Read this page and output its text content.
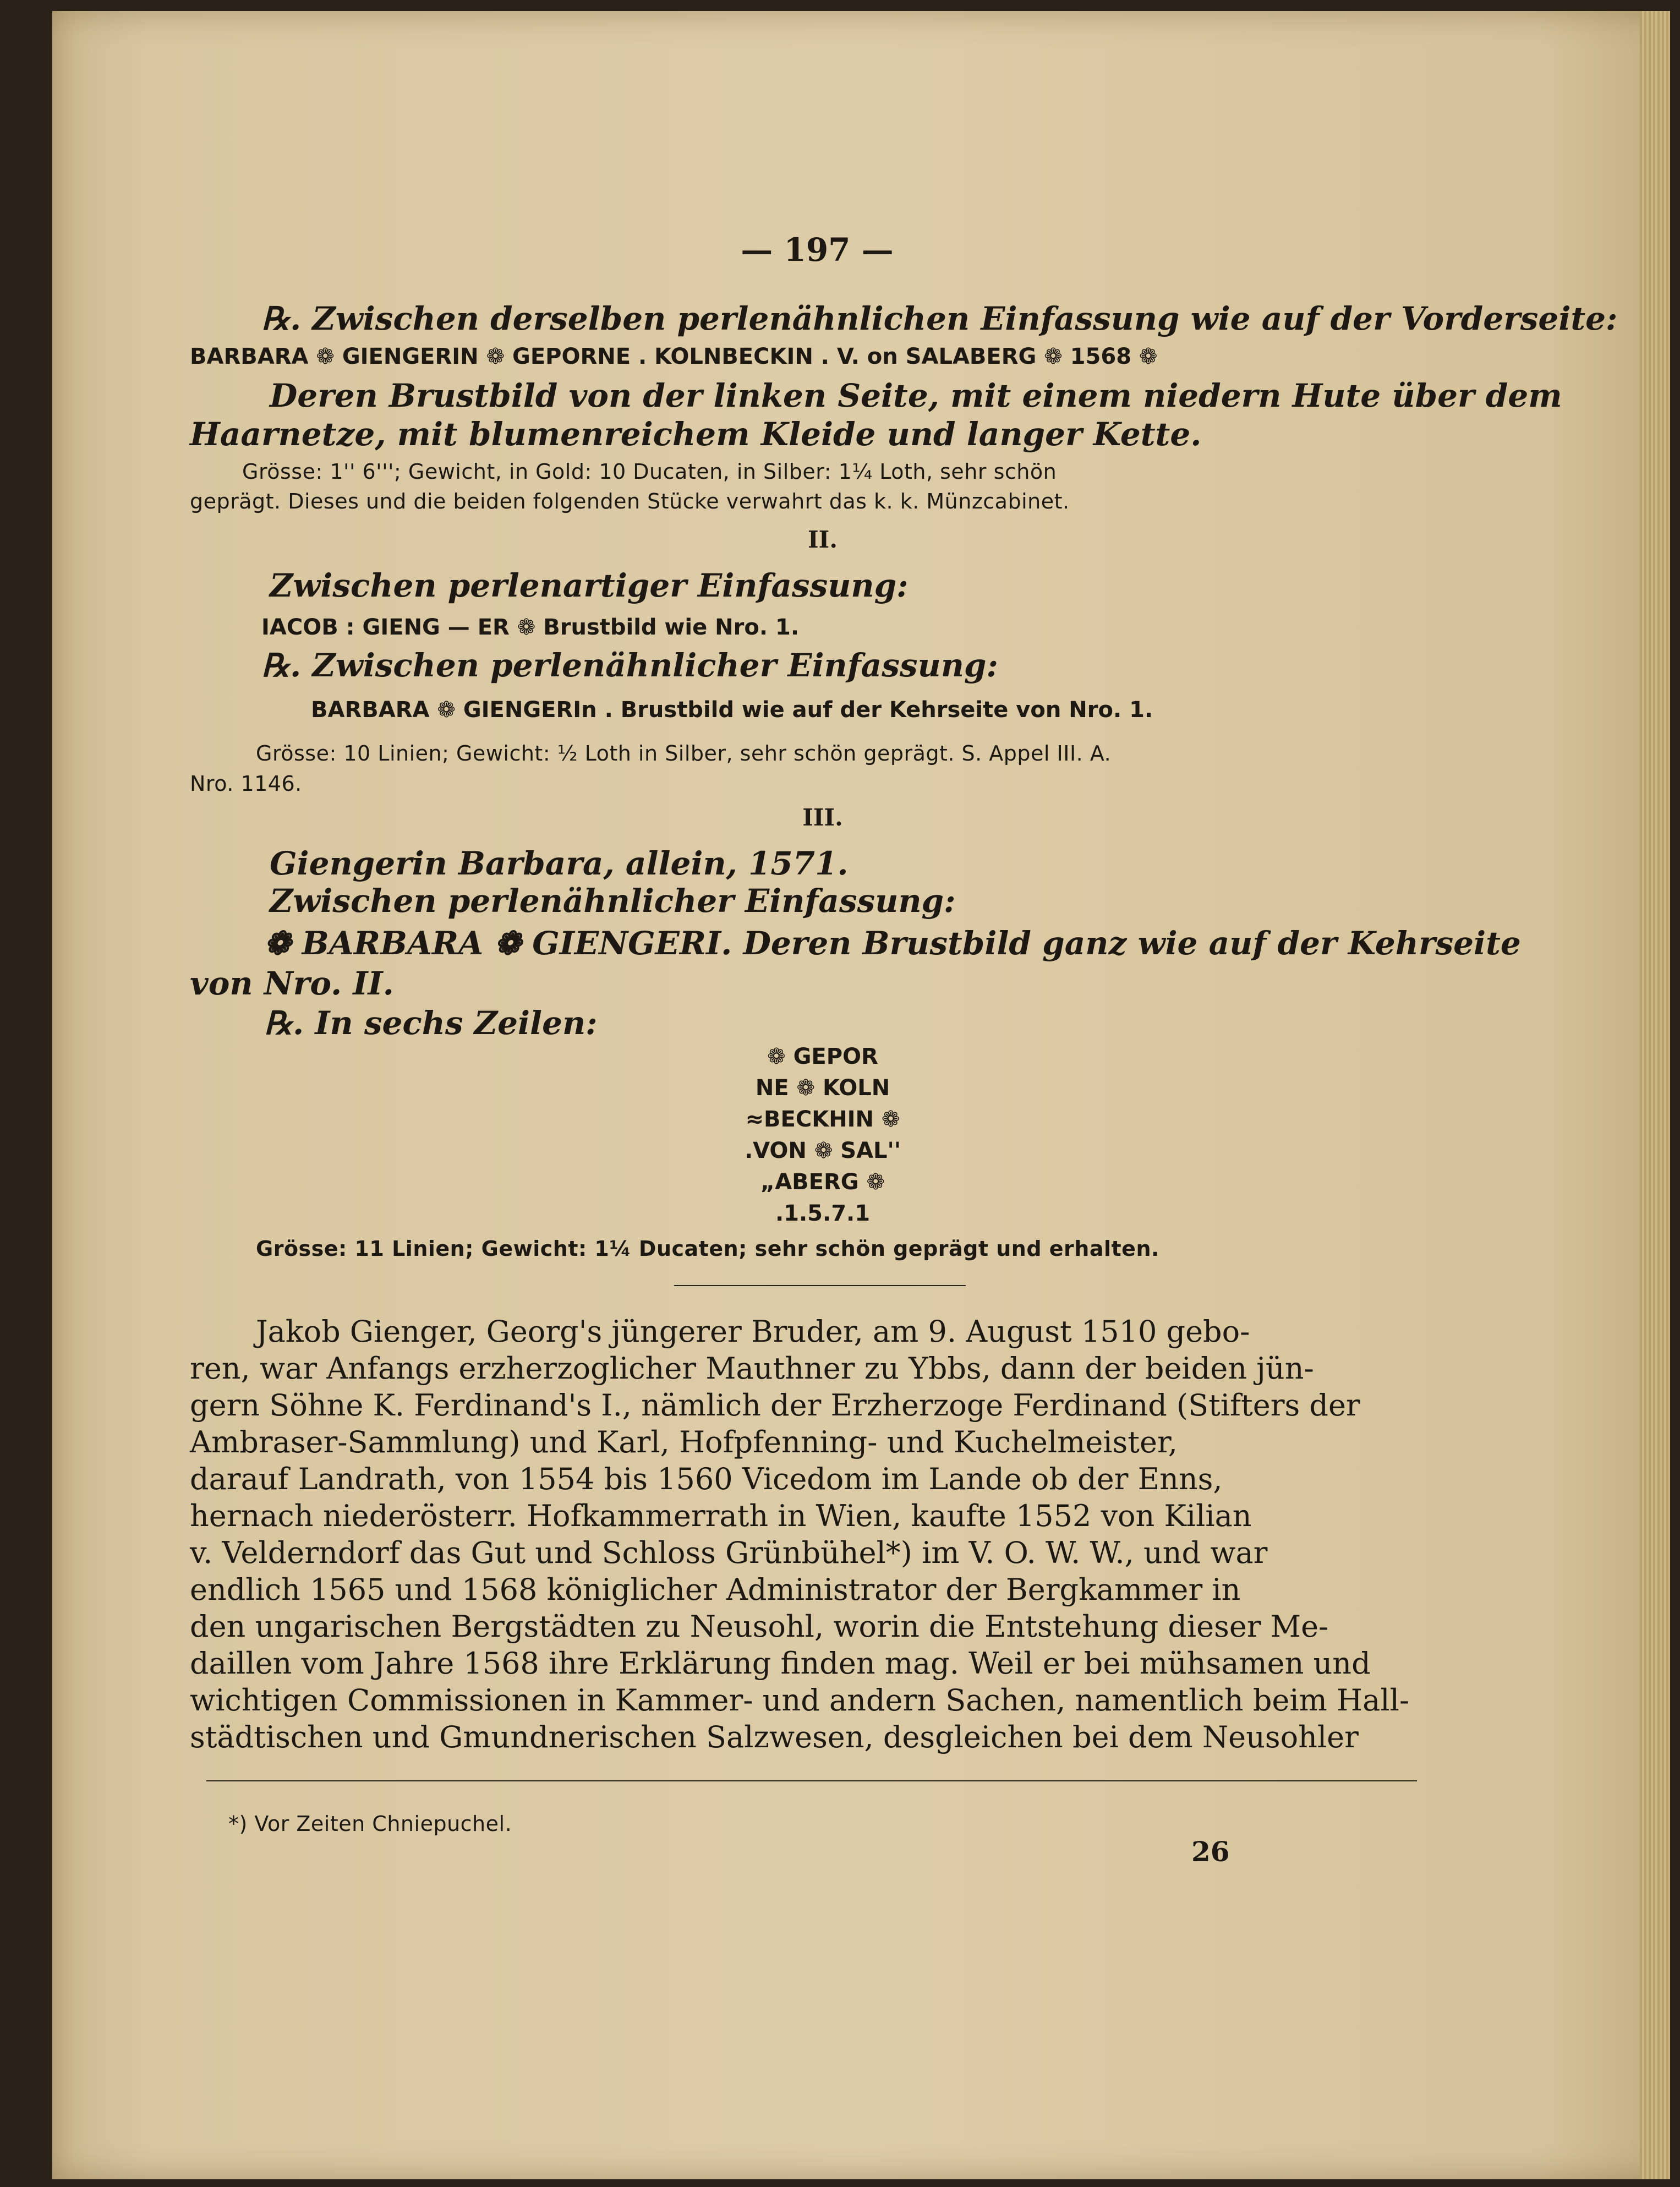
— 197 —
℞. Zwischen derselben perlenähnlichen Einfassung wie auf der Vorderseite:
BARBARA ❁ GIENGERIN ❁ GEPORNE . KOLNBECKIN . V. on SALABERG ❁ 1568 ❁
Deren Brustbild von der linken Seite, mit einem niedern Hute über dem
Haarnetze, mit blumenreichem Kleide und langer Kette.
Grösse: 1'' 6'''; Gewicht, in Gold: 10 Ducaten, in Silber: 1¼ Loth, sehr schön
geprägt. Dieses und die beiden folgenden Stücke verwahrt das k. k. Münzcabinet.
II.
Zwischen perlenartiger Einfassung:
IACOB : GIENG — ER ❁ Brustbild wie Nro. 1.
℞. Zwischen perlenähnlicher Einfassung:
BARBARA ❁ GIENGERIn . Brustbild wie auf der Kehrseite von Nro. 1.
Grösse: 10 Linien; Gewicht: ½ Loth in Silber, sehr schön geprägt. S. Appel III. A.
Nro. 1146.
III.
Giengerin Barbara, allein, 1571.
Zwischen perlenähnlicher Einfassung:
❁ BARBARA ❁ GIENGERI. Deren Brustbild ganz wie auf der Kehrseite
von Nro. II.
℞. In sechs Zeilen:
❁ GEPOR
NE ❁ KOLN
≈BECKHIN ❁
.VON ❁ SAL''
„ABERG ❁
.1.5.7.1
Grösse: 11 Linien; Gewicht: 1¼ Ducaten; sehr schön geprägt und erhalten.
Jakob Gienger, Georg's jüngerer Bruder, am 9. August 1510 gebo-
ren, war Anfangs erzherzoglicher Mauthner zu Ybbs, dann der beiden jün-
gern Söhne K. Ferdinand's I., nämlich der Erzherzoge Ferdinand (Stifters der
Ambraser-Sammlung) und Karl, Hofpfenning- und Kuchelmeister,
darauf Landrath, von 1554 bis 1560 Vicedom im Lande ob der Enns,
hernach niederösterr. Hofkammerrath in Wien, kaufte 1552 von Kilian
v. Velderndorf das Gut und Schloss Grünbühel*) im V. O. W. W., und war
endlich 1565 und 1568 königlicher Administrator der Bergkammer in
den ungarischen Bergstädten zu Neusohl, worin die Entstehung dieser Me-
daillen vom Jahre 1568 ihre Erklärung finden mag. Weil er bei mühsamen und
wichtigen Commissionen in Kammer- und andern Sachen, namentlich beim Hall-
städtischen und Gmundnerischen Salzwesen, desgleichen bei dem Neusohler
*) Vor Zeiten Chniepuchel.
26
